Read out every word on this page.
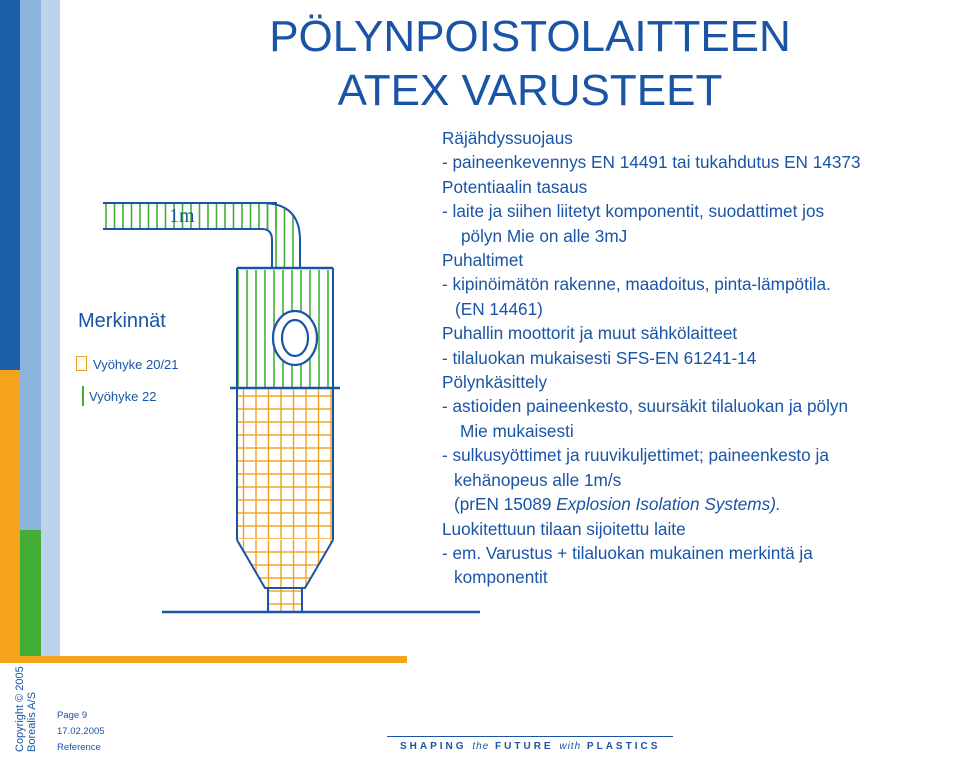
PÖLYNPOISTOLAITTEEN
ATEX VARUSTEET
1m
Merkinnät
Vyöhyke 20/21
Vyöhyke 22
Räjähdyssuojaus
- paineenkevennys EN 14491 tai tukahdutus EN 14373
Potentiaalin tasaus
- laite ja siihen liitetyt komponentit, suodattimet jos
pölyn Mie on alle 3mJ
Puhaltimet
- kipinöimätön rakenne, maadoitus, pinta-lämpötila.
(EN 14461)
Puhallin moottorit ja muut sähkölaitteet
- tilaluokan mukaisesti SFS-EN 61241-14
Pölynkäsittely
- astioiden paineenkesto, suursäkit tilaluokan ja pölyn
Mie mukaisesti
- sulkusyöttimet ja ruuvikuljettimet; paineenkesto ja
kehänopeus alle 1m/s
(prEN 15089 Explosion Isolation Systems).
Luokitettuun tilaan sijoitettu laite
- em. Varustus + tilaluokan mukainen merkintä ja
komponentit
Copyright © 2005 Borealis A/S Page 9
17.02.2005
Reference	SHAPING the FUTURE with PLASTICS
